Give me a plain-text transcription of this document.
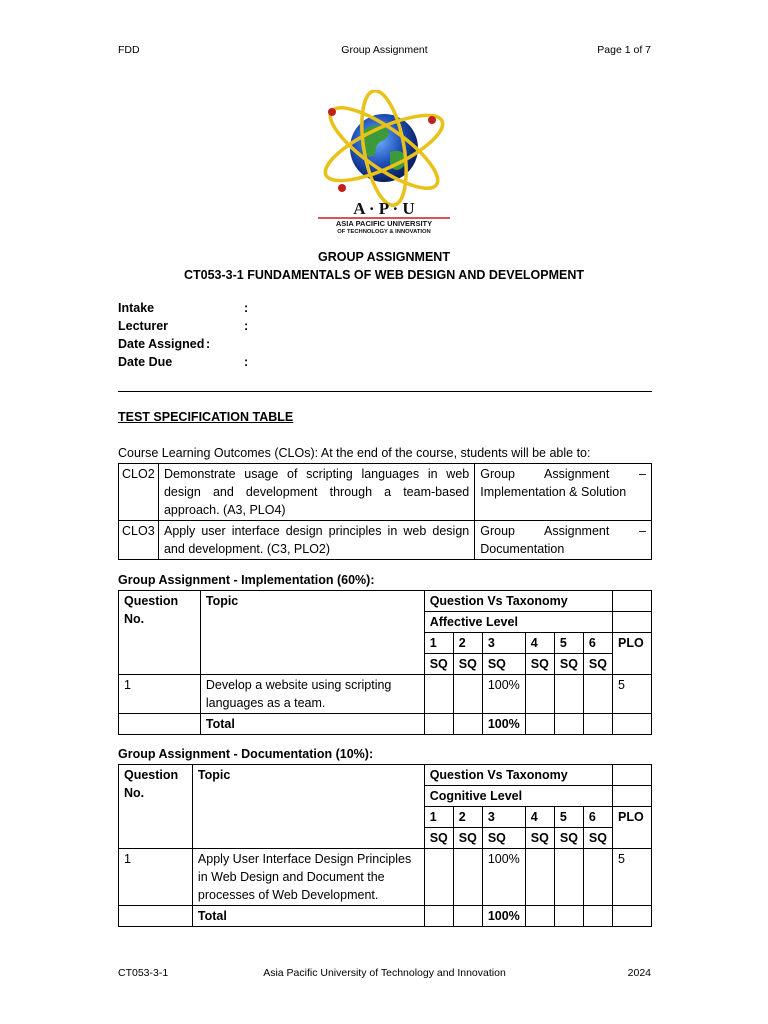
FDD	Group Assignment	Page 1 of 7
A · P · U
ASIA PACIFIC UNIVERSITY
OF TECHNOLOGY & INNOVATION
GROUP ASSIGNMENT
CT053-3-1 FUNDAMENTALS OF WEB DESIGN AND DEVELOPMENT
Intake	:
Lecturer	:
Date Assigned :
Date Due	:
TEST SPECIFICATION TABLE
Course Learning Outcomes (CLOs): At the end of the course, students will be able to:
CLO2	Demonstrate usage of scripting languages in web design and development through a team-based approach. (A3, PLO4)	Group Assignment –
Implementation & Solution

CLO3	Apply user interface design principles in web design and development. (C3, PLO2)	Group Assignment –
Documentation
Group Assignment - Implementation (60%):
Question No.	Topic	Question Vs Taxonomy						
		Affective Level						
		1	2	3	4	5	6	PLO
		SQ	SQ	SQ	SQ	SQ	SQ	
1	Develop a website using scripting languages as a team.			100%				5
	Total			100%				
Group Assignment - Documentation (10%):
Question No.	Topic	Question Vs Taxonomy						
		Cognitive Level						
		1	2	3	4	5	6	PLO
		SQ	SQ	SQ	SQ	SQ	SQ	
1	Apply User Interface Design Principles in Web Design and Document the processes of Web Development.			100%				5
	Total			100%				
CT053-3-1	Asia Pacific University of Technology and Innovation	2024
